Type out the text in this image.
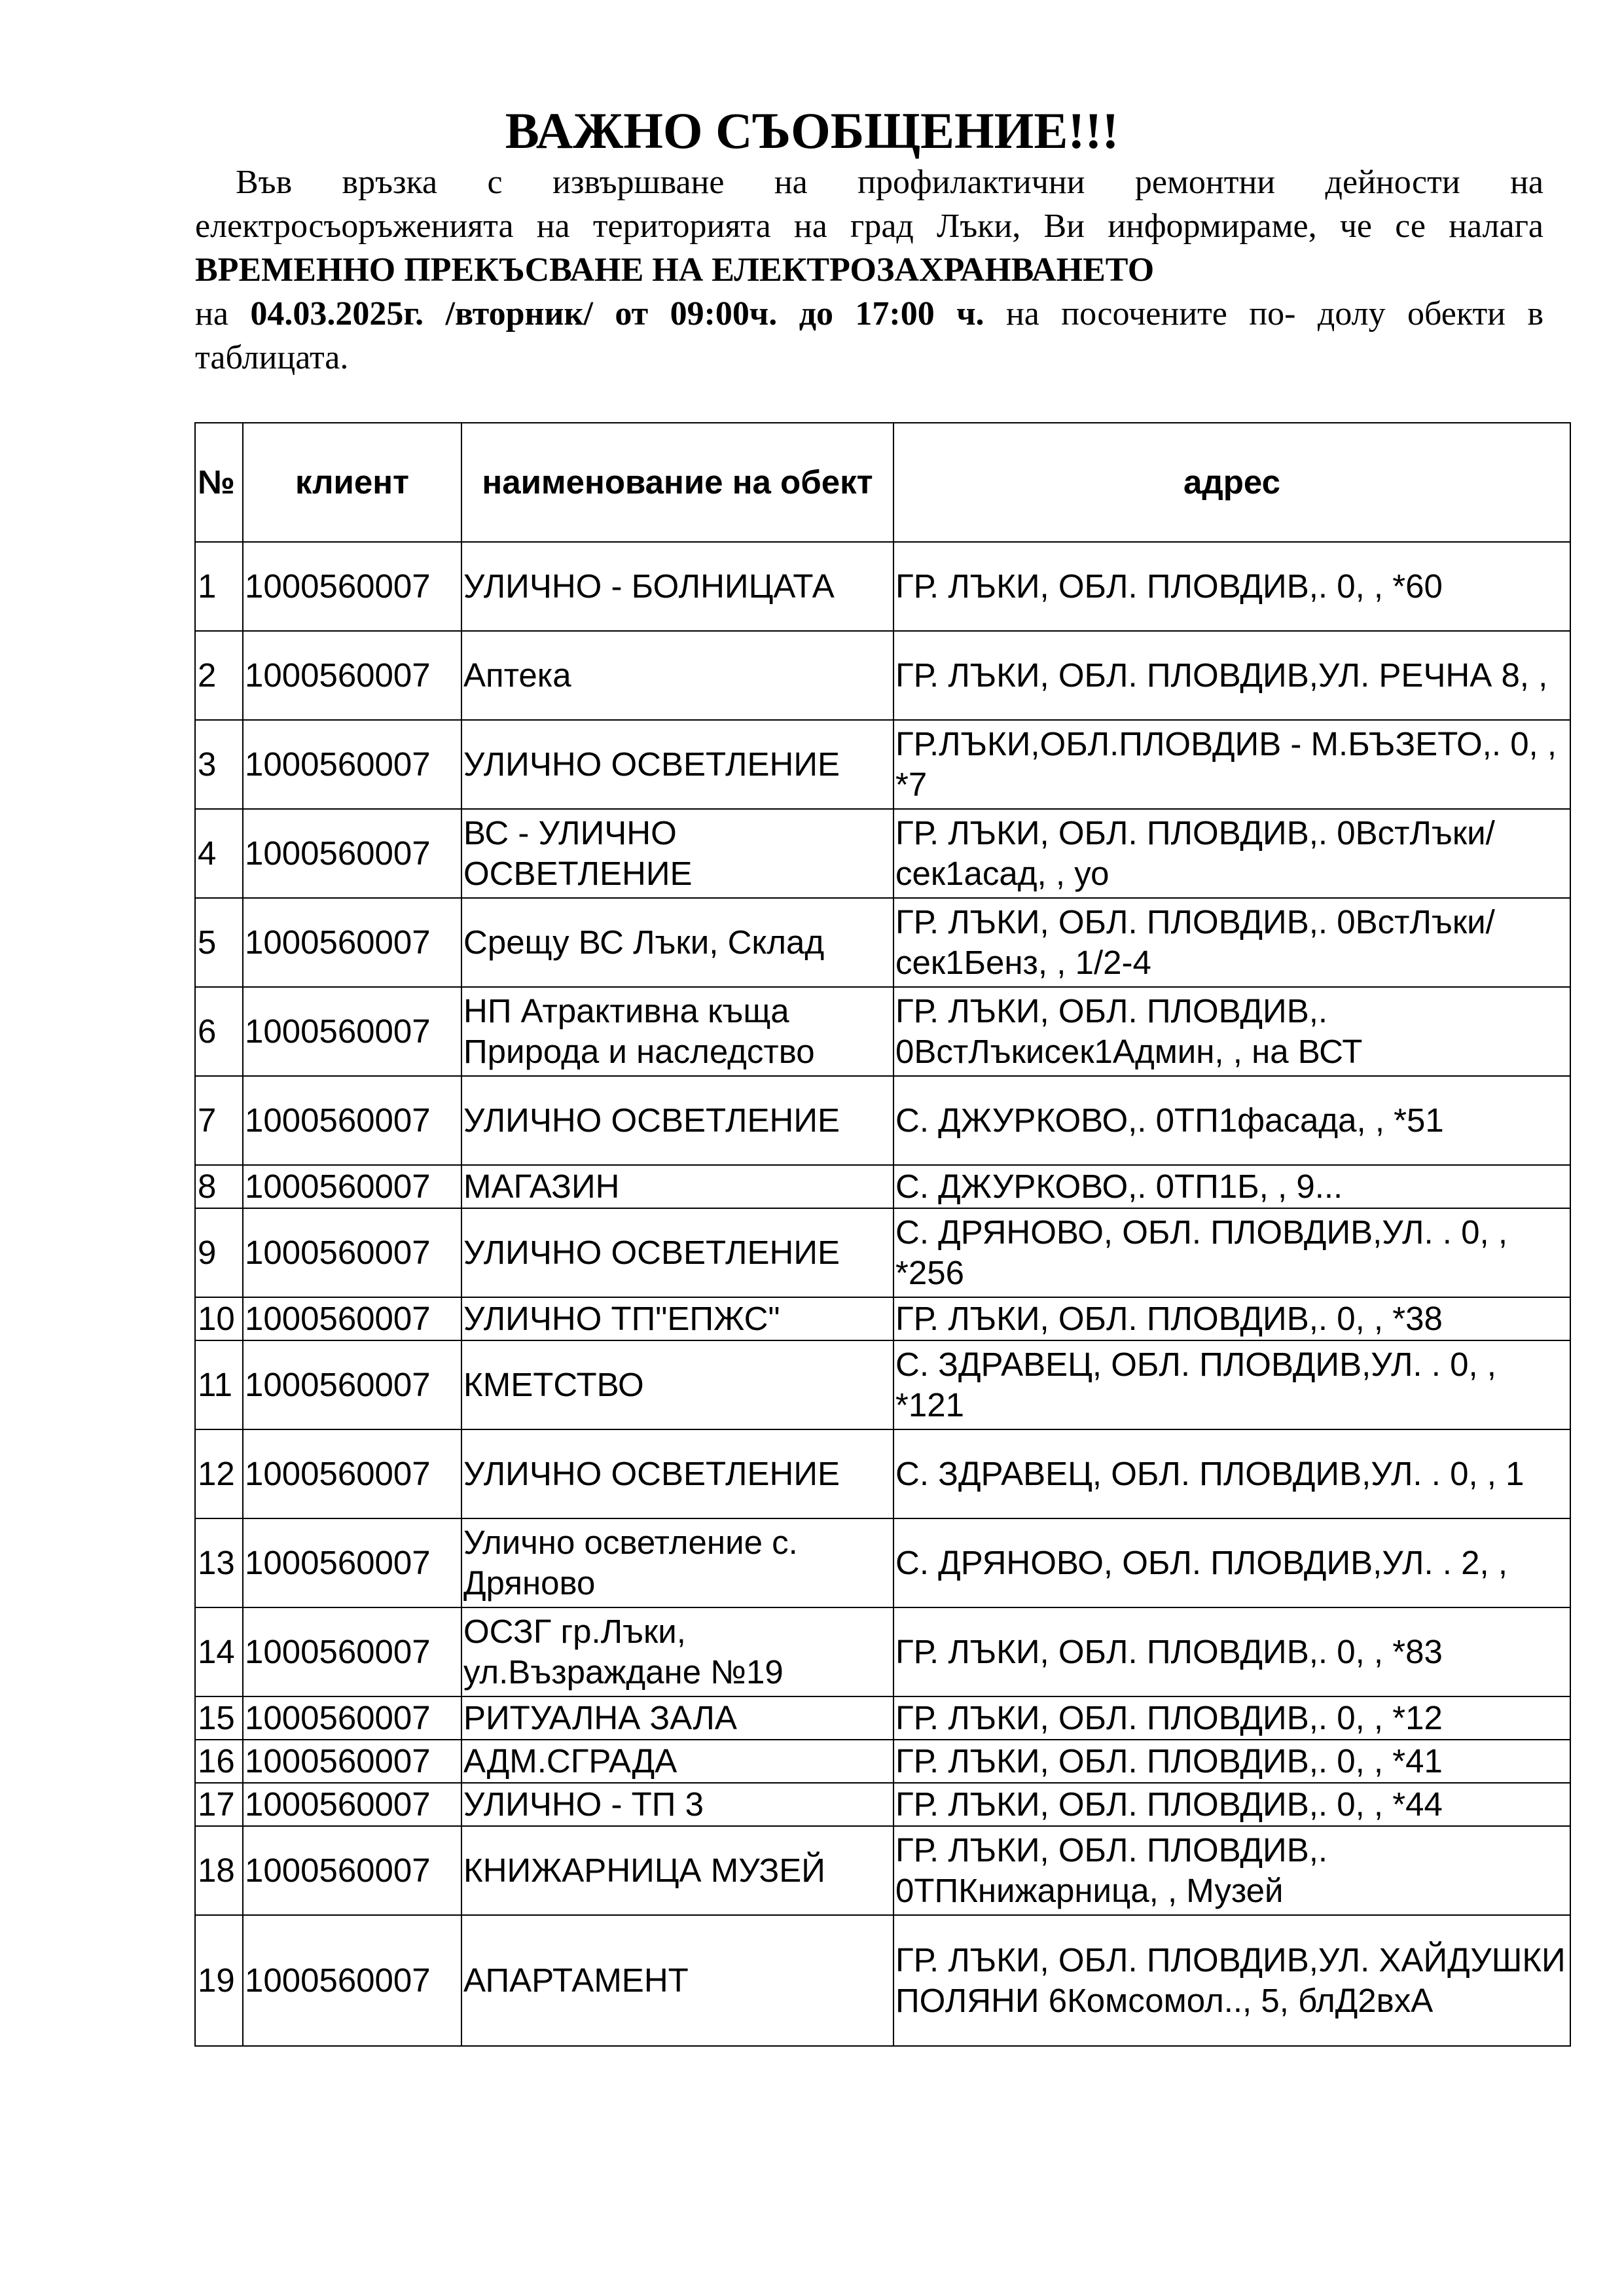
ВАЖНО СЪОБЩЕНИЕ!!!
Във връзка с извършване на профилактични ремонтни дейности на
електросъоръженията на територията на град Лъки, Ви информираме, че се налага
ВРЕМЕННО ПРЕКЪСВАНЕ НА ЕЛЕКТРОЗАХРАНВАНЕТО
на 04.03.2025г. /вторник/ от 09:00ч. до 17:00 ч. на посочените по- долу обекти в
таблицата.
№	клиент	наименование на обект	адрес
1	1000560007	УЛИЧНО - БОЛНИЦАТА	ГР. ЛЪКИ, ОБЛ. ПЛОВДИВ,. 0, , *60
2	1000560007	Аптека	ГР. ЛЪКИ, ОБЛ. ПЛОВДИВ,УЛ. РЕЧНА 8, ,
3	1000560007	УЛИЧНО ОСВЕТЛЕНИЕ	ГР.ЛЪКИ,ОБЛ.ПЛОВДИВ - М.БЪЗЕТО,. 0, , *7
4	1000560007	ВС - УЛИЧНО ОСВЕТЛЕНИЕ	ГР. ЛЪКИ, ОБЛ. ПЛОВДИВ,. 0ВстЛъки/сек1асад, , уо
5	1000560007	Срещу ВС Лъки, Склад	ГР. ЛЪКИ, ОБЛ. ПЛОВДИВ,. 0ВстЛъки/сек1Бенз, , 1/2-4
6	1000560007	НП Атрактивна къща Природа и наследство	ГР. ЛЪКИ, ОБЛ. ПЛОВДИВ,. 0ВстЛъкисек1Админ, , на ВСТ
7	1000560007	УЛИЧНО ОСВЕТЛЕНИЕ	С. ДЖУРКОВО,. 0ТП1фасада, , *51
8	1000560007	МАГАЗИН	С. ДЖУРКОВО,. 0ТП1Б, , 9...
9	1000560007	УЛИЧНО ОСВЕТЛЕНИЕ	С. ДРЯНОВО, ОБЛ. ПЛОВДИВ,УЛ. . 0, , *256
10	1000560007	УЛИЧНО ТП"ЕПЖС"	ГР. ЛЪКИ, ОБЛ. ПЛОВДИВ,. 0, , *38
11	1000560007	КМЕТСТВО	С. ЗДРАВЕЦ, ОБЛ. ПЛОВДИВ,УЛ. . 0, , *121
12	1000560007	УЛИЧНО ОСВЕТЛЕНИЕ	С. ЗДРАВЕЦ, ОБЛ. ПЛОВДИВ,УЛ. . 0, , 1
13	1000560007	Улично осветление с. Дряново	С. ДРЯНОВО, ОБЛ. ПЛОВДИВ,УЛ. . 2, ,
14	1000560007	ОСЗГ гр.Лъки, ул.Възраждане №19	ГР. ЛЪКИ, ОБЛ. ПЛОВДИВ,. 0, , *83
15	1000560007	РИТУАЛНА ЗАЛА	ГР. ЛЪКИ, ОБЛ. ПЛОВДИВ,. 0, , *12
16	1000560007	АДМ.СГРАДА	ГР. ЛЪКИ, ОБЛ. ПЛОВДИВ,. 0, , *41
17	1000560007	УЛИЧНО - ТП 3	ГР. ЛЪКИ, ОБЛ. ПЛОВДИВ,. 0, , *44
18	1000560007	КНИЖАРНИЦА МУЗЕЙ	ГР. ЛЪКИ, ОБЛ. ПЛОВДИВ,. 0ТПКнижарница, , Музей
19	1000560007	АПАРТАМЕНТ	ГР. ЛЪКИ, ОБЛ. ПЛОВДИВ,УЛ. ХАЙДУШКИ ПОЛЯНИ 6Комсомол.., 5, блД2вхА
